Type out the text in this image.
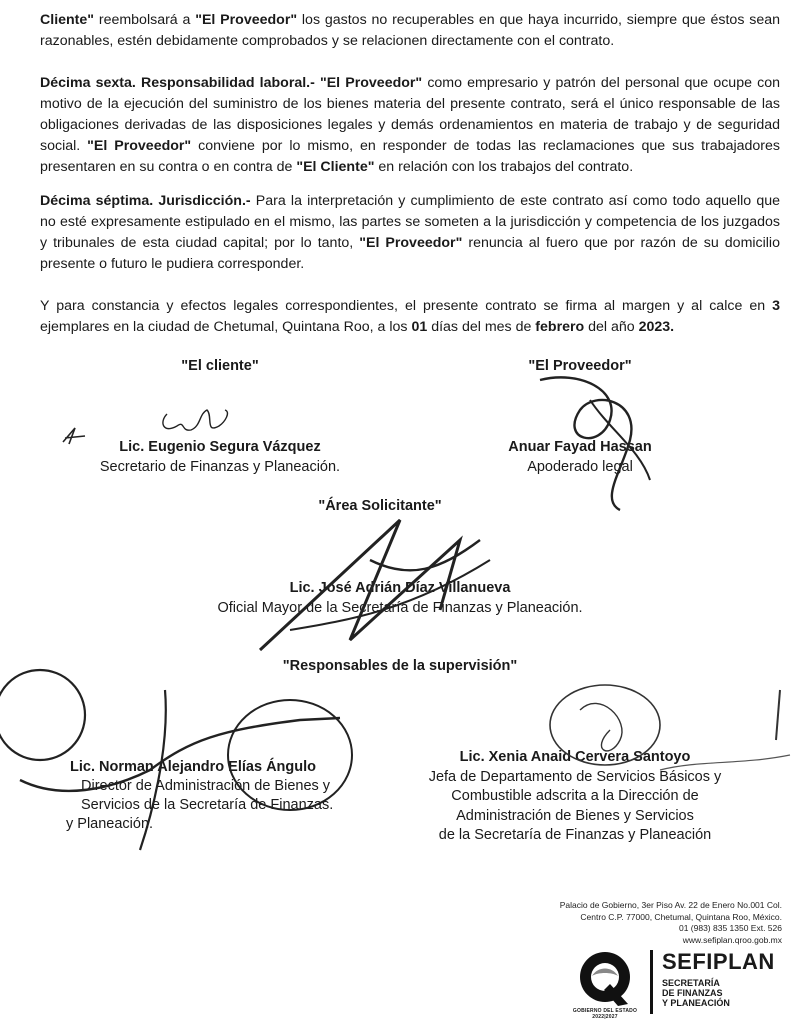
Cliente" reembolsará a "El Proveedor" los gastos no recuperables en que haya incurrido, siempre que éstos sean razonables, estén debidamente comprobados y se relacionen directamente con el contrato.

Décima sexta. Responsabilidad laboral.- "El Proveedor" como empresario y patrón del personal que ocupe con motivo de la ejecución del suministro de los bienes materia del presente contrato, será el único responsable de las obligaciones derivadas de las disposiciones legales y demás ordenamientos en materia de trabajo y de seguridad social. "El Proveedor" conviene por lo mismo, en responder de todas las reclamaciones que sus trabajadores presentaren en su contra o en contra de "El Cliente" en relación con los trabajos del contrato.

Décima séptima. Jurisdicción.- Para la interpretación y cumplimiento de este contrato así como todo aquello que no esté expresamente estipulado en el mismo, las partes se someten a la jurisdicción y competencia de los juzgados y tribunales de esta ciudad capital; por lo tanto, "El Proveedor" renuncia al fuero que por razón de su domicilio presente o futuro le pudiera corresponder.

Y para constancia y efectos legales correspondientes, el presente contrato se firma al margen y al calce en 3 ejemplares en la ciudad de Chetumal, Quintana Roo, a los 01 días del mes de febrero del año 2023.

"El cliente"	"El Proveedor"
Lic. Eugenio Segura Vázquez
Secretario de Finanzas y Planeación.
Anuar Fayad Hassan
Apoderado legal
"Área Solicitante"
Lic. José Adrián Díaz Villanueva
Oficial Mayor de la Secretaría de Finanzas y Planeación.
"Responsables de la supervisión"
Lic. Norman Alejandro Elías Ángulo
Director de Administración de Bienes y
Servicios de la Secretaría de Finanzas.
y Planeación.
Lic. Xenia Anaid Cervera Santoyo
Jefa de Departamento de Servicios Básicos y
Combustible adscrita a la Dirección de
Administración de Bienes y Servicios
de la Secretaría de Finanzas y Planeación
Palacio de Gobierno, 3er Piso Av. 22 de Enero No.001 Col.
Centro C.P. 77000, Chetumal, Quintana Roo, México.
01 (983) 835 1350 Ext. 526
www.sefiplan.qroo.gob.mx
GOBIERNO DEL ESTADO 2022|2027
SEFIPLAN
SECRETARÍA
DE FINANZAS
Y PLANEACIÓN
